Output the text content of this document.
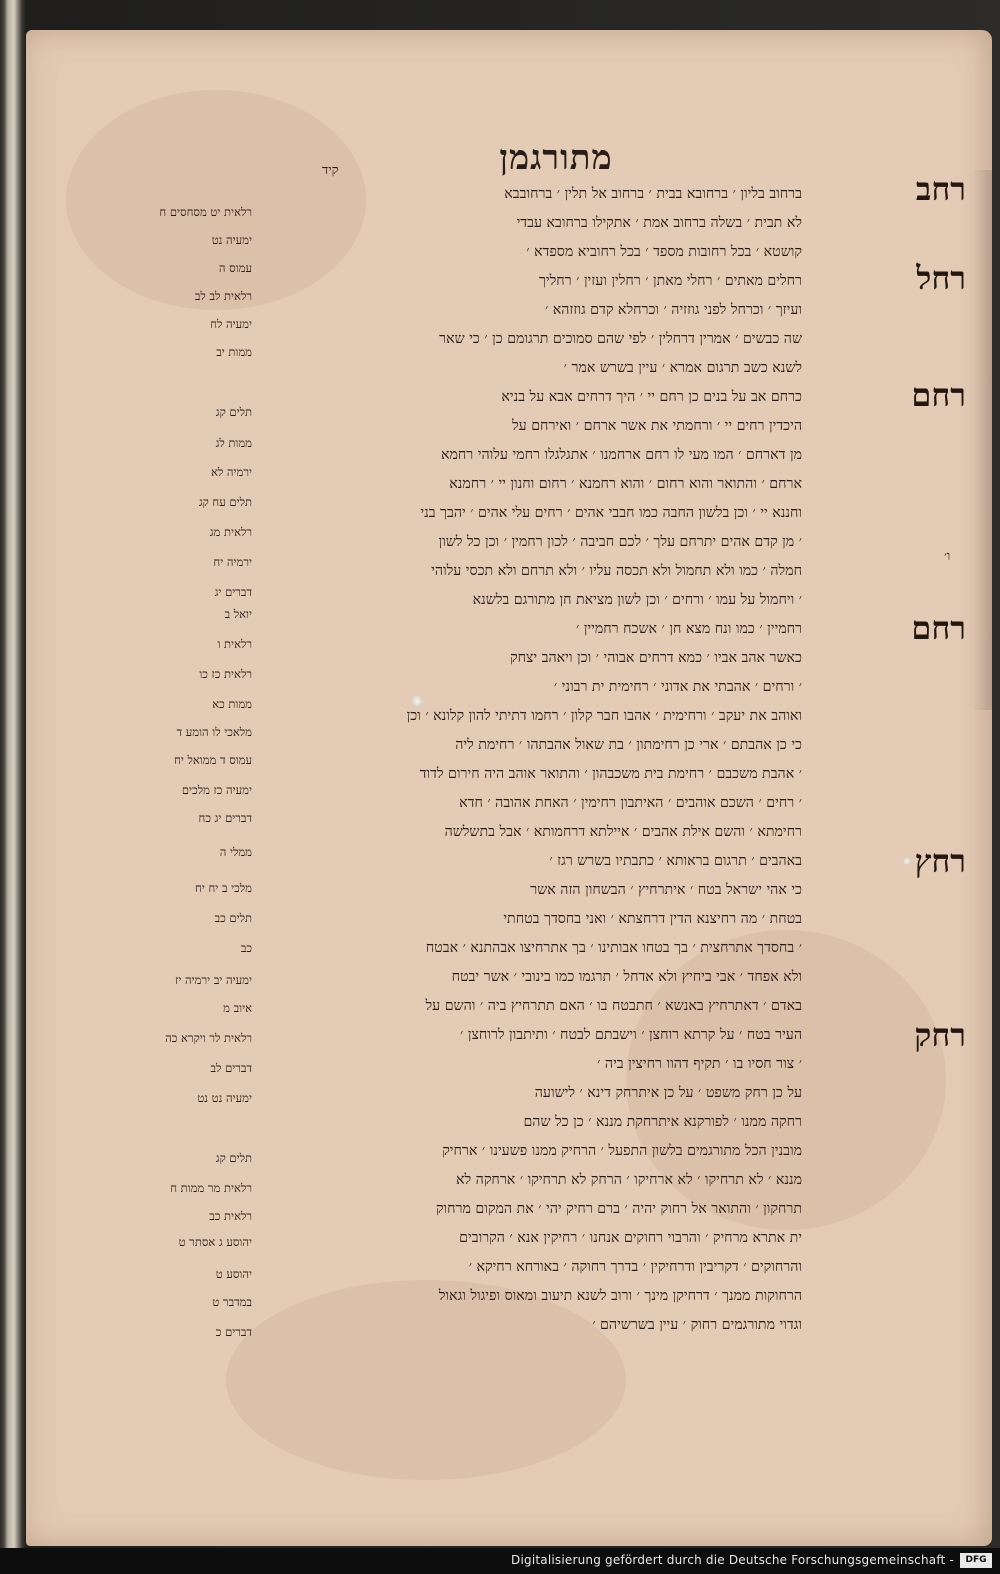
מתורגמן
קיד	רחב
רחל
רחם
רחם
רחץ
רחק
ברחוב בליון ׳ ברחובא בבית ׳ ברחוב אל תלין ׳ ברחובבא
לא תבית ׳ בשלה ברחוב אמת ׳ אתקילו ברחובא עבדי
קושטא ׳ בכל רחובות מספד ׳ בכל רחוביא מספדא ׳
רחלים מאתים ׳ רחלי מאתן ׳ רחלין ועזין ׳ רחליך
ועיזך ׳ וכרחל לפני גוזזיה ׳ וכרחלא קדם גוזזהא ׳
שה כבשים ׳ אמרין דרחלין ׳ לפי שהם סמוכים תרגומם כן ׳ כי שאר
לשנא כשב תרגום אמרא ׳ עיין בשרש אמר ׳
כרחם אב על בנים כן רחם יי ׳ היך דרחים אבא על בניא
היכדין רחים יי ׳ ורחמתי את אשר ארחם ׳ ואירחם על
מן דארחם ׳ המו מעי לו רחם ארחמנו ׳ אתגלגלו רחמי עלוהי רחמא
ארחם ׳ והתואר והוא רחום ׳ והוא רחמנא ׳ רחום וחנון יי ׳ רחמנא
וחננא יי ׳ וכן בלשון החבה כמו חבבי אהים ׳ רחים עלי אהים ׳ יהבך בני
׳ מן קדם אהים יתרחם עלך ׳ לכם חביבה ׳ לכון רחמין ׳ וכן כל לשון
חמלה ׳ כמו ולא תחמול ולא תכסה עליו ׳ ולא תרחם ולא תכסי עלוהי
׳ ויחמול על עמו ׳ ורחים ׳ וכן לשון מציאת חן מתורגם בלשנא
רחמיין ׳ כמו ונח מצא חן ׳ אשכח רחמיין ׳
כאשר אהב אביו ׳ כמא דרחים אבוהי ׳ וכן ויאהב יצחק
׳ ורחים ׳ אהבתי את אדוני ׳ רחימית ית רבוני ׳
ואוהב את יעקב ׳ ורחימית ׳ אהבו חבר קלון ׳ רחמו דתיתי להון קלונא ׳ וכן
כי כן אהבתם ׳ ארי כן רחימתון ׳ בת שאול אהבתהו ׳ רחימת ליה
׳ אהבת משכבם ׳ רחימת בית משכבהון ׳ והתואר אוהב היה חירום לדוד
׳ רחים ׳ השכם אוהבים ׳ האיתבון רחימין ׳ האחת אהובה ׳ חדא
רחימתא ׳ והשם אילת אהבים ׳ איילתא דרחמותא ׳ אבל בתשלשה
באהבים ׳ תרגום בראותא ׳ כתבתיו בשרש רגז ׳
כי אהי ישראל בטח ׳ איתרחיץ ׳ הבשחון הזה אשר
בטחת ׳ מה רחיצנא הדין דרחצתא ׳ ואני בחסדך בטחתי
׳ בחסדך אתרחצית ׳ בך בטחו אבותינו ׳ בך אתרחיצו אבהתנא ׳ אבטח
ולא אפחד ׳ אבי ביחיץ ולא אדחל ׳ תרגמו כמו בינובי ׳ אשר יבטח
באדם ׳ דאתרחיץ באנשא ׳ חתבטח בו ׳ האם תתרחיץ ביה ׳ והשם על
העיר בטח ׳ על קרתא רוחצן ׳ וישבתם לבטח ׳ ותיתבון לרוחצן ׳
׳ צור חסיו בו ׳ תקיף דהוו רחיצין ביה ׳
על כן רחק משפט ׳ על כן איתרחק דינא ׳ לישועה
רחקה ממנו ׳ לפורקנא איתרחקת מננא ׳ כן כל שהם
מובנין הכל מתורגמים בלשון התפעל ׳ הרחיק ממנו פשעינו ׳ ארחיק
מננא ׳ לא תרחיקו ׳ לא ארחיקו ׳ הרחק לא תרחיקו ׳ ארחקה לא
תרחקון ׳ והתואר אל רחוק יהיה ׳ ברם רחיק יהי ׳ את המקום מרחוק
ית אתרא מרחיק ׳ והרבוי רחוקים אנחנו ׳ רחיקין אנא ׳ הקרובים
והרחוקים ׳ דקריבין ודרחיקין ׳ בדרך רחוקה ׳ באורחא רחיקא ׳
הרחוקות ממנך ׳ דרחיקן מינך ׳ ורוב לשנא תיעוב ומאוס ופיגול וגאול
וגדוי מתורגמים רחוק ׳ עיין בשרשיהם ׳
רלאית יט מסחסים ח
ימעיה נט
עמוס ה
רלאית לב לב
ימעיה לח
ממות יב
תלים קג
ממות לג
ירמיה לא
תלים עח קג
רלאית מג
ירמיה יח
דברים יג
יואל ב
רלאית ו
רלאית כז כו
ממות כא
מלאכי לו הומע ד
עמוס ד ממואל יח
ימעיה כז מלכים
דברים יג כח
ממלי ה
מלכי ב יח יח
תלים כב
כב
ימעיה יב ירמיה יז
איוב מ
רלאית לר ויקרא כה
דברים לב
ימעיה נט נט
תלים קג
רלאית מר ממות ח
רלאית כב
יהוסע ג אסתר ט
יהוסע ט
במדבר ט
דברים כ
ו׳
Digitalisierung gefördert durch die Deutsche Forschungsgemeinschaft -	DFG
